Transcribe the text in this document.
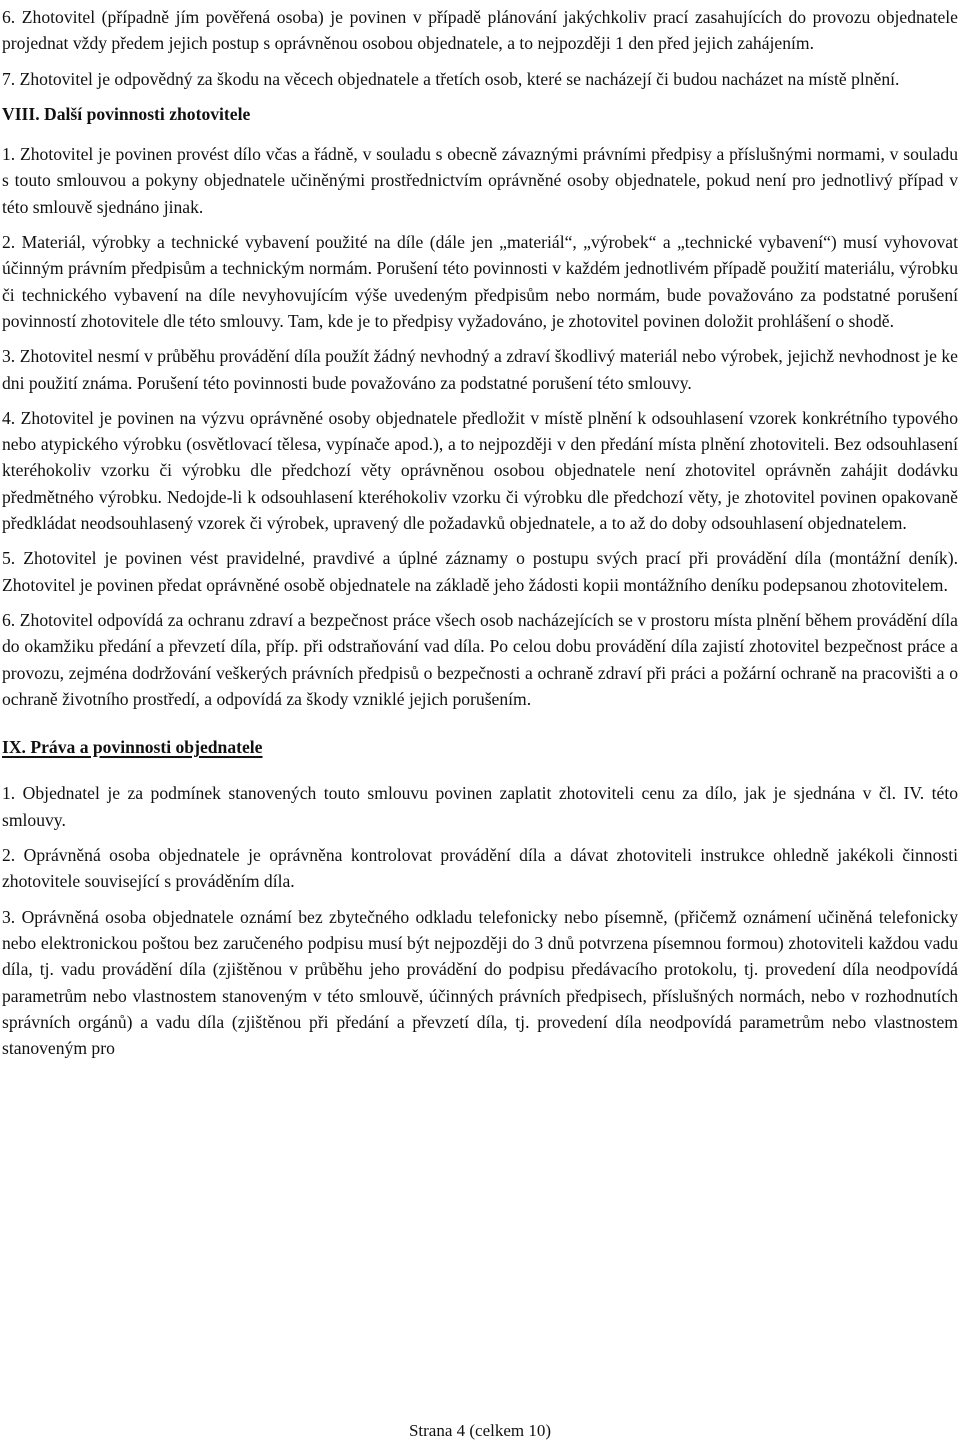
6. Zhotovitel (případně jím pověřená osoba) je povinen v případě plánování jakýchkoliv prací zasahujících do provozu objednatele projednat vždy předem jejich postup s oprávněnou osobou objednatele, a to nejpozději 1 den před jejich zahájením.

7. Zhotovitel je odpovědný za škodu na věcech objednatele a třetích osob, které se nacházejí či budou nacházet na místě plnění.

VIII. Další povinnosti zhotovitele

1. Zhotovitel je povinen provést dílo včas a řádně, v souladu s obecně závaznými právními předpisy a příslušnými normami, v souladu s touto smlouvou a pokyny objednatele učiněnými prostřednictvím oprávněné osoby objednatele, pokud není pro jednotlivý případ v této smlouvě sjednáno jinak.

2. Materiál, výrobky a technické vybavení použité na díle (dále jen „materiál“, „výrobek“ a „technické vybavení“) musí vyhovovat účinným právním předpisům a technickým normám. Porušení této povinnosti v každém jednotlivém případě použití materiálu, výrobku či technického vybavení na díle nevyhovujícím výše uvedeným předpisům nebo normám, bude považováno za podstatné porušení povinností zhotovitele dle této smlouvy. Tam, kde je to předpisy vyžadováno, je zhotovitel povinen doložit prohlášení o shodě.

3. Zhotovitel nesmí v průběhu provádění díla použít žádný nevhodný a zdraví škodlivý materiál nebo výrobek, jejichž nevhodnost je ke dni použití známa. Porušení této povinnosti bude považováno za podstatné porušení této smlouvy.

4. Zhotovitel je povinen na výzvu oprávněné osoby objednatele předložit v místě plnění k odsouhlasení vzorek konkrétního typového nebo atypického výrobku (osvětlovací tělesa, vypínače apod.), a to nejpozději v den předání místa plnění zhotoviteli. Bez odsouhlasení kteréhokoliv vzorku či výrobku dle předchozí věty oprávněnou osobou objednatele není zhotovitel oprávněn zahájit dodávku předmětného výrobku. Nedojde-li k odsouhlasení kteréhokoliv vzorku či výrobku dle předchozí věty, je zhotovitel povinen opakovaně předkládat neodsouhlasený vzorek či výrobek, upravený dle požadavků objednatele, a to až do doby odsouhlasení objednatelem.

5. Zhotovitel je povinen vést pravidelné, pravdivé a úplné záznamy o postupu svých prací při provádění díla (montážní deník). Zhotovitel je povinen předat oprávněné osobě objednatele na základě jeho žádosti kopii montážního deníku podepsanou zhotovitelem.

6. Zhotovitel odpovídá za ochranu zdraví a bezpečnost práce všech osob nacházejících se v prostoru místa plnění během provádění díla do okamžiku předání a převzetí díla, příp. při odstraňování vad díla. Po celou dobu provádění díla zajistí zhotovitel bezpečnost práce a provozu, zejména dodržování veškerých právních předpisů o bezpečnosti a ochraně zdraví při práci a požární ochraně na pracovišti a o ochraně životního prostředí, a odpovídá za škody vzniklé jejich porušením.

IX. Práva a povinnosti objednatele

1. Objednatel je za podmínek stanovených touto smlouvu povinen zaplatit zhotoviteli cenu za dílo, jak je sjednána v čl. IV. této smlouvy.

2. Oprávněná osoba objednatele je oprávněna kontrolovat provádění díla a dávat zhotoviteli instrukce ohledně jakékoli činnosti zhotovitele související s prováděním díla.

3. Oprávněná osoba objednatele oznámí bez zbytečného odkladu telefonicky nebo písemně, (přičemž oznámení učiněná telefonicky nebo elektronickou poštou bez zaručeného podpisu musí být nejpozději do 3 dnů potvrzena písemnou formou) zhotoviteli každou vadu díla, tj. vadu provádění díla (zjištěnou v průběhu jeho provádění do podpisu předávacího protokolu, tj. provedení díla neodpovídá parametrům nebo vlastnostem stanoveným v této smlouvě, účinných právních předpisech, příslušných normách, nebo v rozhodnutích správních orgánů) a vadu díla (zjištěnou při předání a převzetí díla, tj. provedení díla neodpovídá parametrům nebo vlastnostem stanoveným pro

Strana 4 (celkem 10)
